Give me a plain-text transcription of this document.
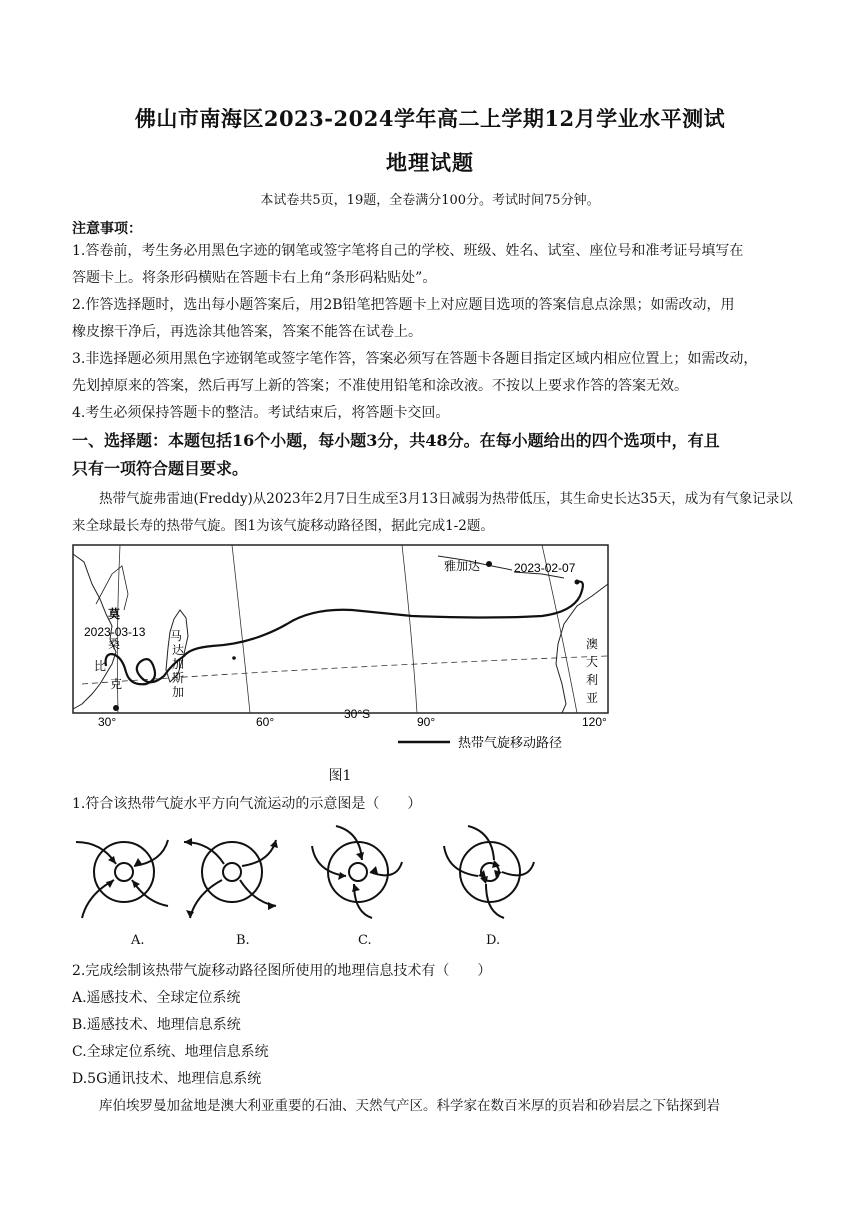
佛山市南海区2023-2024学年高二上学期12月学业水平测试
地理试题
本试卷共5页，19题，全卷满分100分。考试时间75分钟。
注意事项：
1.答卷前，考生务必用黑色字迹的钢笔或签字笔将自己的学校、班级、姓名、试室、座位号和准考证号填写在
答题卡上。将条形码横贴在答题卡右上角“条形码粘贴处”。
2.作答选择题时，选出每小题答案后，用2B铅笔把答题卡上对应题目选项的答案信息点涂黑；如需改动，用
橡皮擦干净后，再选涂其他答案，答案不能答在试卷上。
3.非选择题必须用黑色字迹钢笔或签字笔作答，答案必须写在答题卡各题目指定区域内相应位置上；如需改动，
先划掉原来的答案，然后再写上新的答案；不准使用铅笔和涂改液。不按以上要求作答的答案无效。
4.考生必须保持答题卡的整洁。考试结束后，将答题卡交回。
一、选择题：本题包括16个小题，每小题3分，共48分。在每小题给出的四个选项中，有且
只有一项符合题目要求。
热带气旋弗雷迪(Freddy)从2023年2月7日生成至3月13日减弱为热带低压，其生命史长达35天，成为有气象记录以来全球最长寿的热带气旋。图1为该气旋移动路径图，据此完成1-2题。
雅加达	2023-02-07
2023-03-13
莫
桑
比
克
马
达
加
斯
加
澳
大
利
亚
30°	60°
30°S
90°	120°
热带气旋移动路径
图1
1.符合该热带气旋水平方向气流运动的示意图是（　　）
A.	B.	C.	D.
2.完成绘制该热带气旋移动路径图所使用的地理信息技术有（　　）
A.遥感技术、全球定位系统
B.遥感技术、地理信息系统
C.全球定位系统、地理信息系统
D.5G通讯技术、地理信息系统
库伯埃罗曼加盆地是澳大利亚重要的石油、天然气产区。科学家在数百米厚的页岩和砂岩层之下钻探到岩
